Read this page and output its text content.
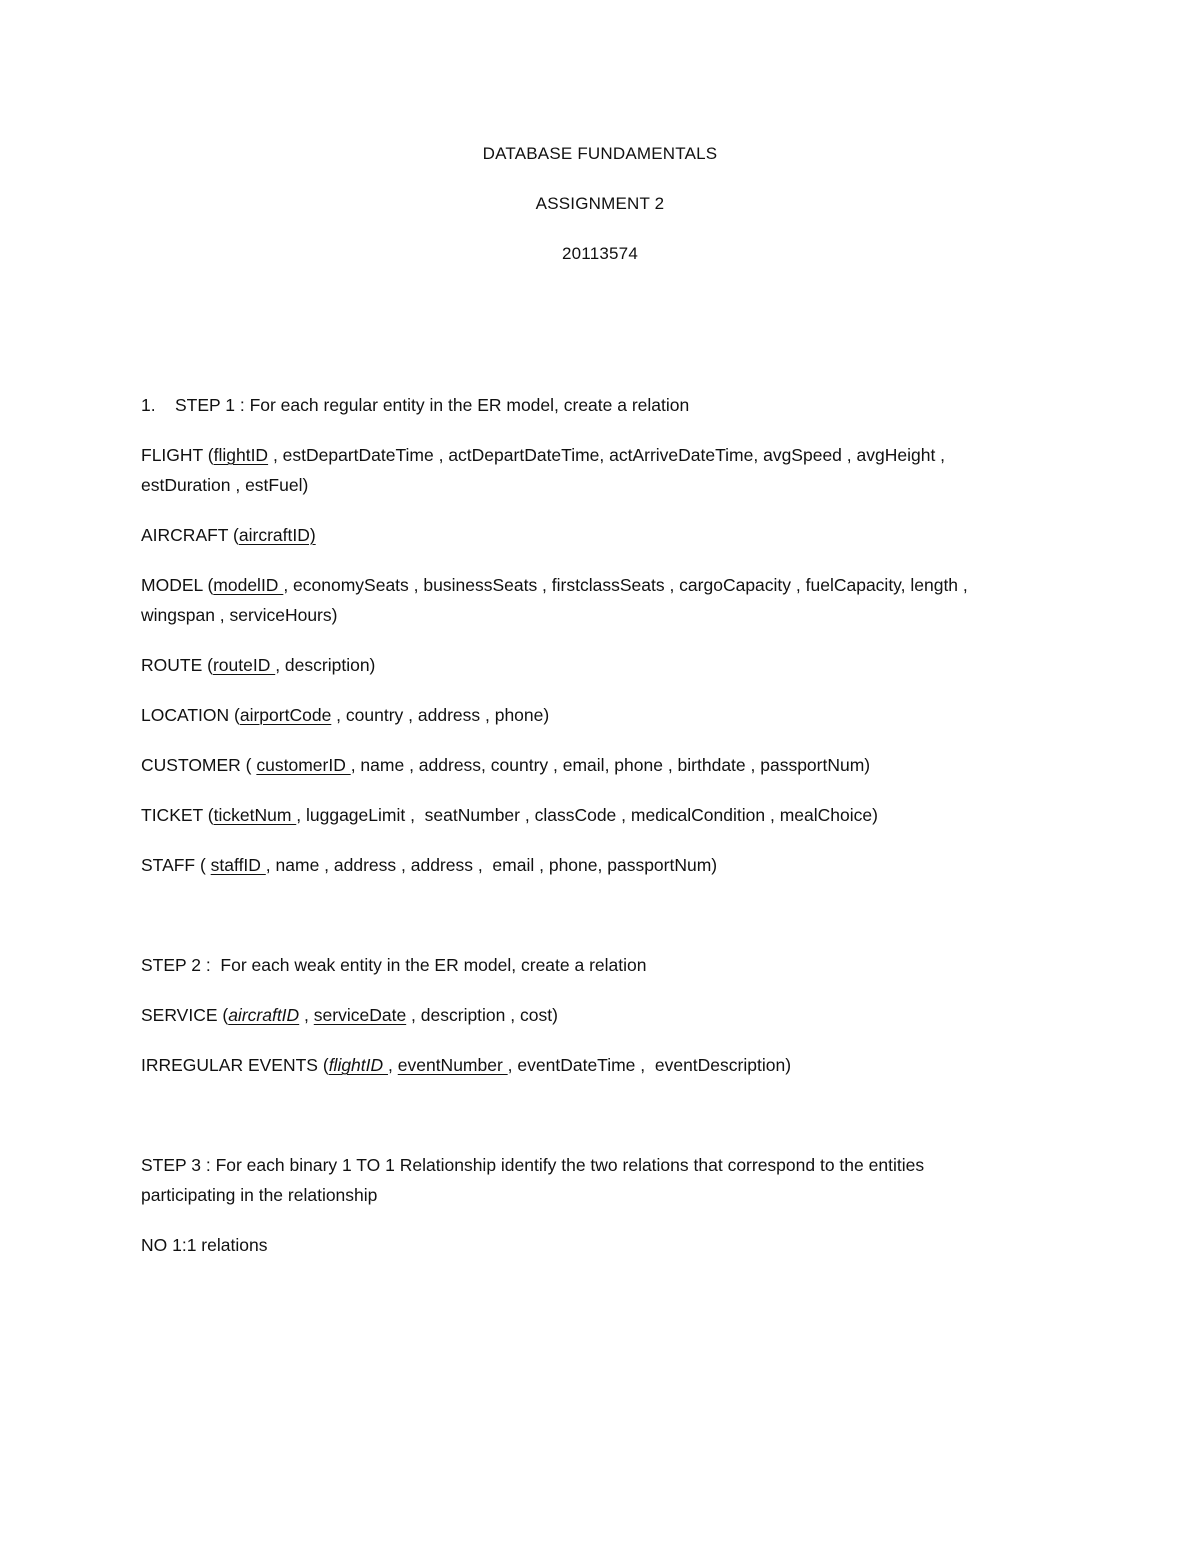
DATABASE FUNDAMENTALS
ASSIGNMENT 2
20113574
1. STEP 1 : For each regular entity in the ER model, create a relation
FLIGHT (flightID , estDepartDateTime , actDepartDateTime, actArriveDateTime, avgSpeed , avgHeight ,
estDuration , estFuel)
AIRCRAFT (aircraftID)
MODEL (modelID , economySeats , businessSeats , firstclassSeats , cargoCapacity , fuelCapacity, length ,
wingspan , serviceHours)
ROUTE (routeID , description)
LOCATION (airportCode , country , address , phone)
CUSTOMER ( customerID , name , address, country , email, phone , birthdate , passportNum)
TICKET (ticketNum , luggageLimit ,  seatNumber , classCode , medicalCondition , mealChoice)
STAFF ( staffID , name , address , address ,  email , phone, passportNum)
STEP 2 :  For each weak entity in the ER model, create a relation
SERVICE (aircraftID , serviceDate , description , cost)
IRREGULAR EVENTS (flightID , eventNumber , eventDateTime ,  eventDescription)
STEP 3 : For each binary 1 TO 1 Relationship identify the two relations that correspond to the entities
participating in the relationship
NO 1:1 relations
